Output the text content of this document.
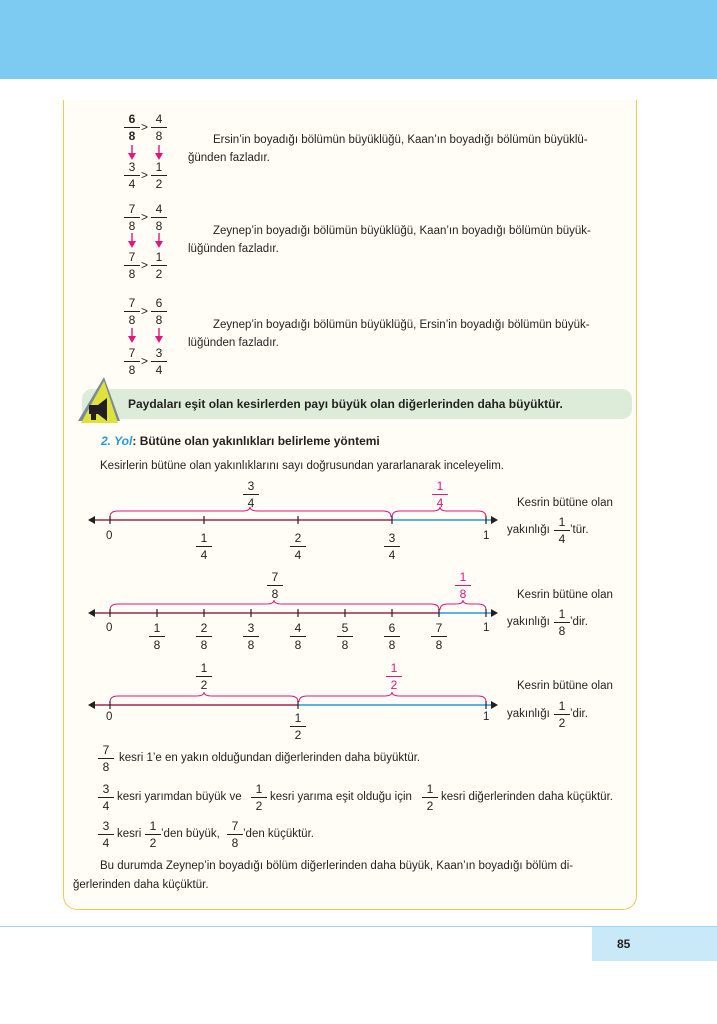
6
8
>
4
8
3
4
>
1
2
Ersin’in boyadığı bölümün büyüklüğü, Kaan’ın boyadığı bölümün büyüklü-
ğünden fazladır.
7
8
>
4
8
7
8
>
1
2
Zeynep’in boyadığı bölümün büyüklüğü, Kaan’ın boyadığı bölümün büyük-
lüğünden fazladır.
7
8
>
6
8
7
8
>
3
4
Zeynep’in boyadığı bölümün büyüklüğü, Ersin’in boyadığı bölümün büyük-
lüğünden fazladır.
Paydaları eşit olan kesirlerden payı büyük olan diğerlerinden daha büyüktür.
2. Yol: Bütüne olan yakınlıkları belirleme yöntemi
Kesirlerin bütüne olan yakınlıklarını sayı doğrusundan yararlanarak inceleyelim.
3
4
1
4
0	1
1
4
2
4
3
4
Kesrin bütüne olan
yakınlığı
1
4
’tür.
7
8
1
8
0	1
1
8
2
8
3
8
4
8
5
8
6
8
7
8
Kesrin bütüne olan
yakınlığı
1
8
’dir.
1
2
1
2
0	1
1
2
Kesrin bütüne olan
yakınlığı
1
2
’dir.
7
8
kesri 1’e en yakın olduğundan diğerlerinden daha büyüktür.
3
4
kesri yarımdan büyük ve
1
2
kesri yarıma eşit olduğu için
1
2
kesri diğerlerinden daha küçüktür.
3
4
kesri
1
2
’den büyük,
7
8
’den küçüktür.
Bu durumda Zeynep’in boyadığı bölüm diğerlerinden daha büyük, Kaan’ın boyadığı bölüm di-
ğerlerinden daha küçüktür.
85
